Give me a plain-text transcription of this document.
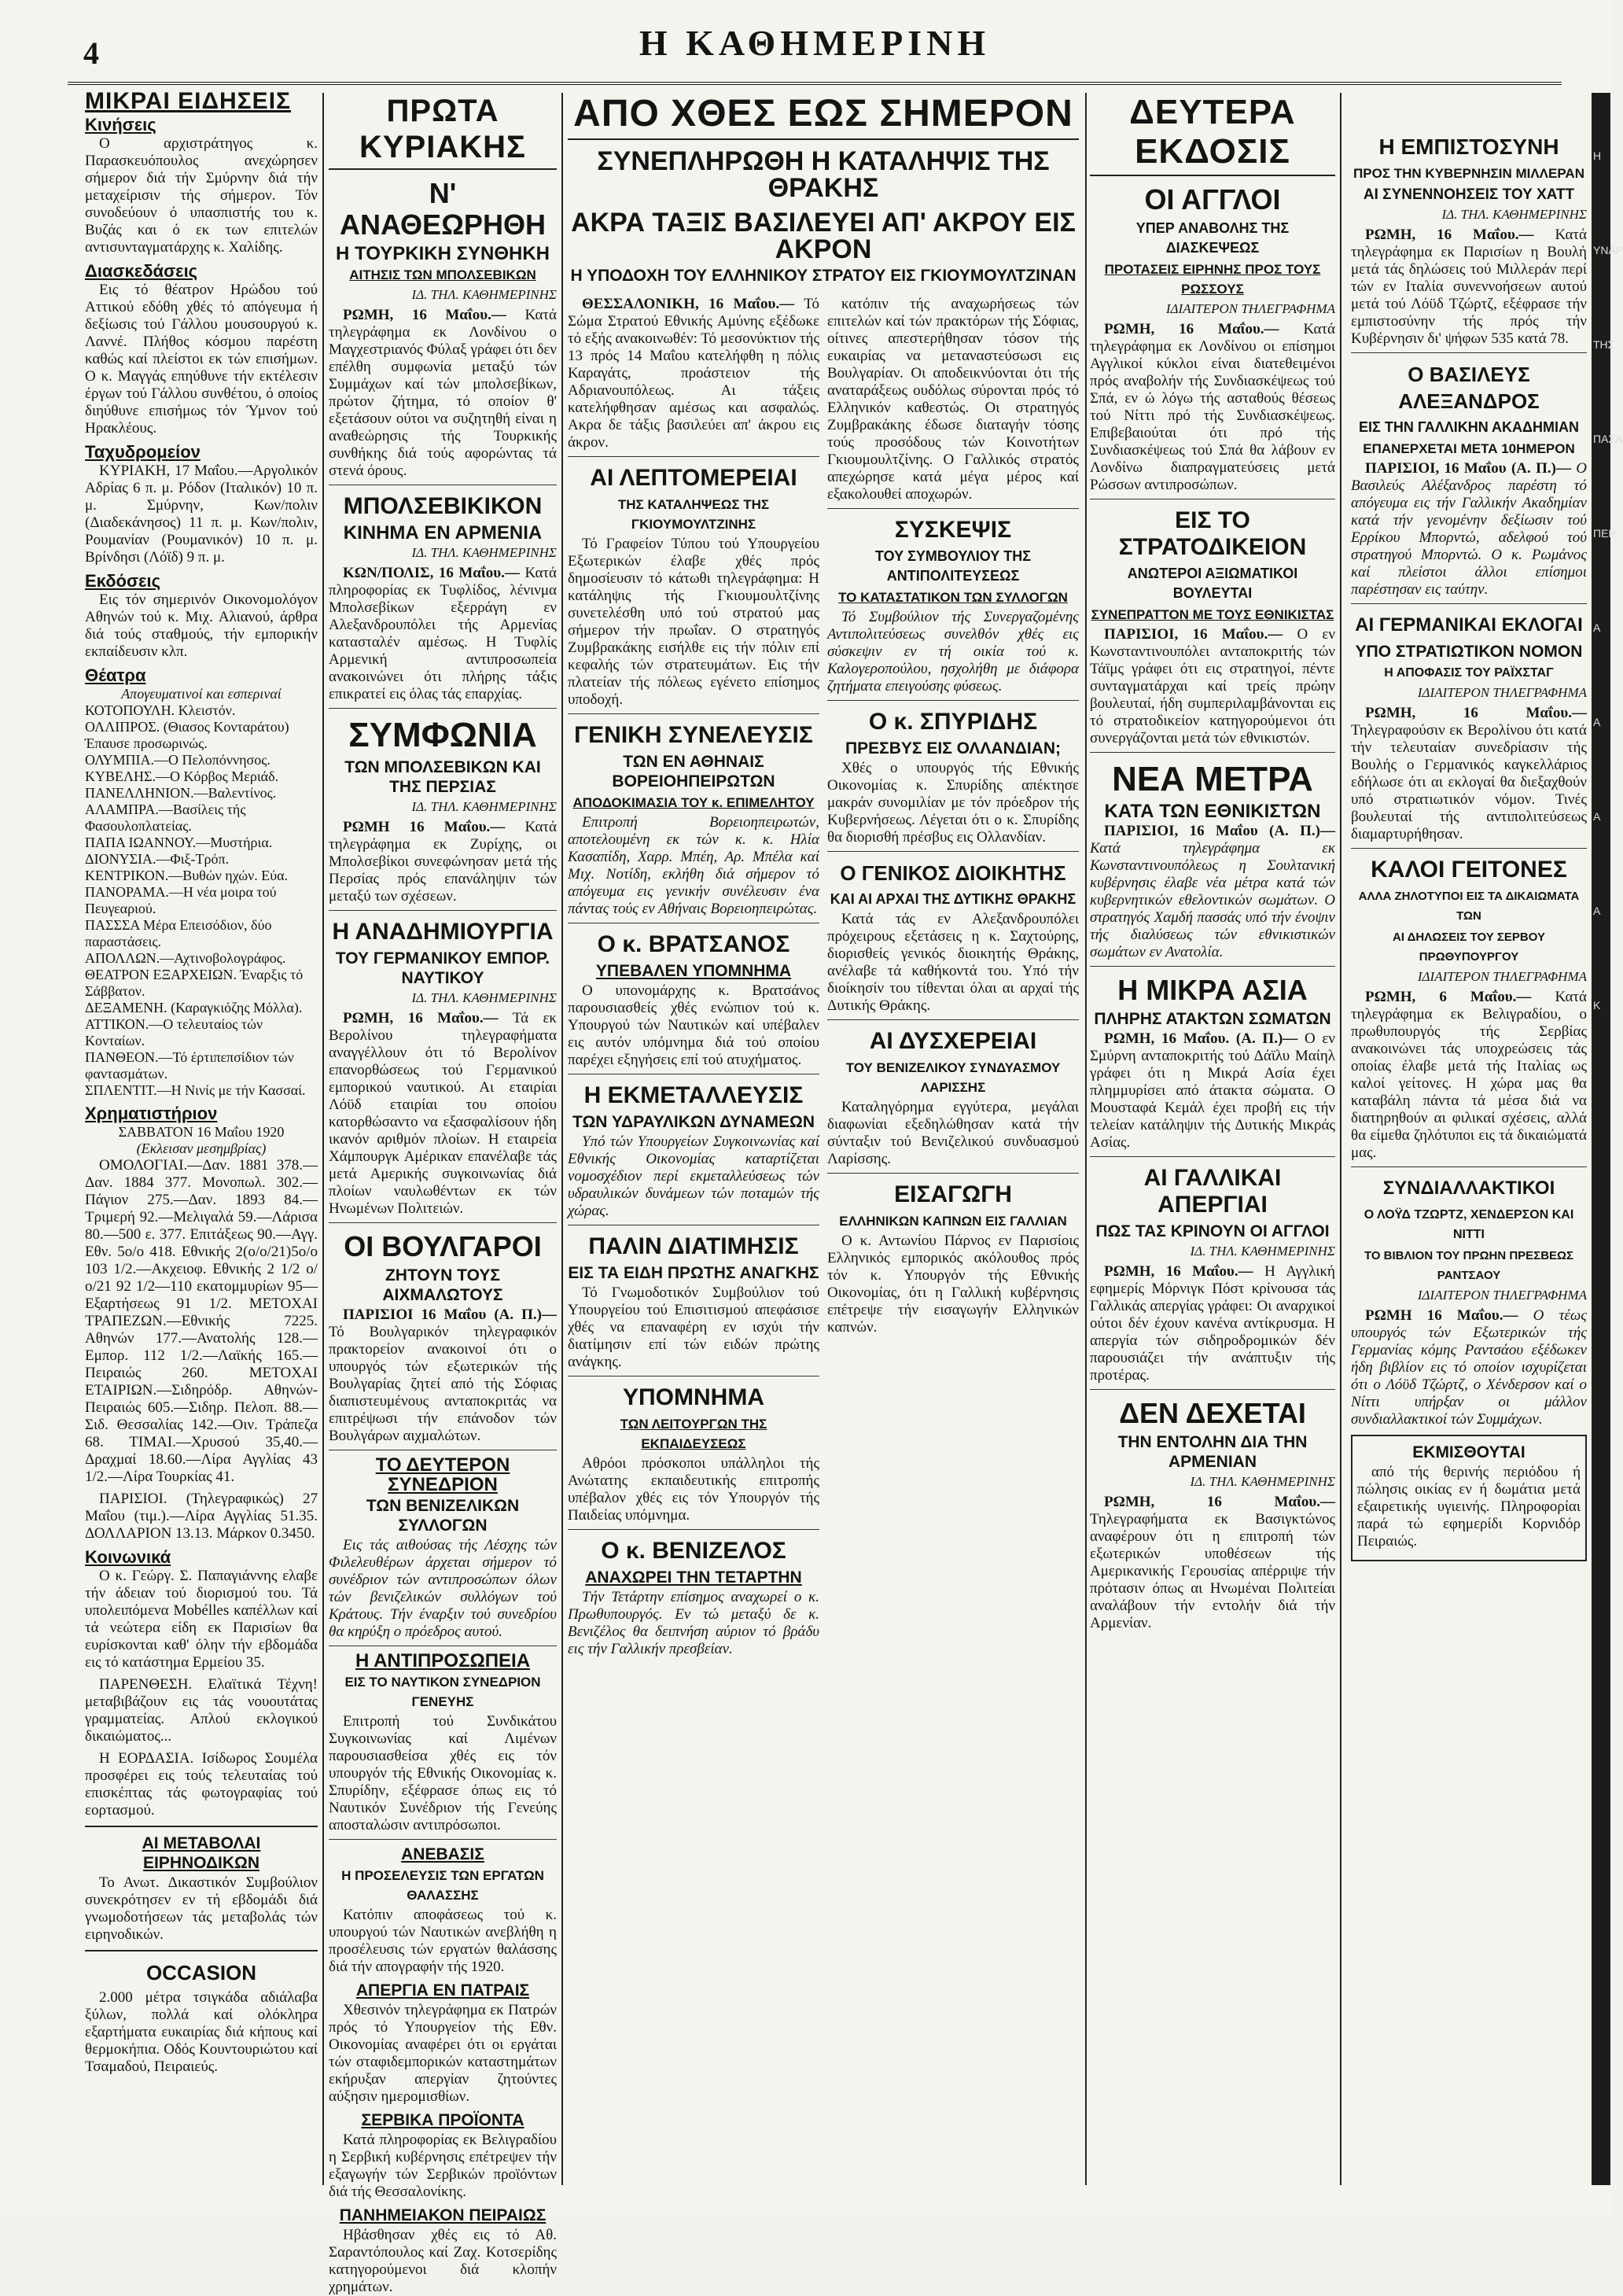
4	Η ΚΑΘΗΜΕΡΙΝΗ
ΜΙΚΡΑΙ ΕΙΔΗΣΕΙΣ
Κινήσεις

Ο αρχιστράτηγος κ. Παρασκευόπουλος ανεχώρησεν σήμερον διά τήν Σμύρνην διά τήν μεταχείρισιν τής σήμερον. Τόν συνοδεύουν ό υπασπιστής του κ. Βυζάς και ό εκ των επιτελών αντισυνταγματάρχης κ. Χαλίδης.

Διασκεδάσεις

Εις τό θέατρον Ηρώδου τού Αττικού εδόθη χθές τό απόγευμα ή δεξίωσις τού Γάλλου μουσουργού κ. Λαννέ. Πλήθος κόσμου παρέστη καθώς καί πλείστοι εκ τών επισήμων. Ο κ. Μαγγάς επηύθυνε τήν εκτέλεσιν έργων τού Γάλλου συνθέτου, ό οποίος διηύθυνε επισήμως τόν Ύμνον τού Ηρακλέους.

Ταχυδρομείον

ΚΥΡΙΑΚΗ, 17 Μαΐου.—Αργολικόν Αδρίας 6 π. μ. Ρόδον (Ιταλικόν) 10 π. μ. Σμύρνην, Κων/πολιν (Διαδεκάνησος) 11 π. μ. Κων/πολιν, Ρουμανίαν (Ρουμανικόν) 10 π. μ. Βρίνδησι (Λόϊδ) 9 π. μ.

Εκδόσεις

Εις τόν σημερινόν Οικονομολόγον Αθηνών τού κ. Μιχ. Αλιανού, άρθρα διά τούς σταθμούς, τήν εμπορικήν εκπαίδευσιν κλπ.

Θέατρα
Απογευματινοί και εσπεριναί
ΚΟΤΟΠΟΥΛΗ. Κλειστόν.
ΟΛΛΙΠΡΟΣ. (Θιασος Κονταράτου) Έπαυσε προσωρινώς.
ΟΛΥΜΠΙΑ.—Ο Πελοπόννησος.
ΚΥΒΕΛΗΣ.—Ο Κόρβος Μεριάδ.
ΠΑΝΕΛΛΗΝΙΟΝ.—Βαλεντίνος.
ΑΛΑΜΠΡΑ.—Βασίλεις τής Φασουλοπλατείας.
ΠΑΠΑ ΙΩΑΝΝΟΥ.—Μυστήρια.
ΔΙΟΝΥΣΙΑ.—Φιξ-Τρόπ.
ΚΕΝΤΡΙΚΟΝ.—Βυθών ηχών. Εύα.
ΠΑΝΟΡΑΜΑ.—Η νέα μοιρα τού Πευγεαριού.
ΠΑΣΣΣΑ Μέρα Επεισόδιον, δύο παραστάσεις.
ΑΠΟΛΛΩΝ.—Αχτινοβολογράφος.
ΘΕΑΤΡΟΝ ΕΞΑΡΧΕΙΩΝ. Έναρξις τό Σάββατον.
ΔΕΞΑΜΕΝΗ. (Καραγκιόζης Μόλλα).
ΑΤΤΙΚΟΝ.—Ο τελευταίος τών Κονταίων.
ΠΑΝΘΕΟΝ.—Τό έρτιπεπσίδιον τών φαντασμάτων.
ΣΠΛΕΝΤΙΤ.—Η Νινίς με τήν Κασσαί.
Χρηματιστήριον
ΣΑΒΒΑΤΟΝ 16 Μαΐου 1920
(Εκλεισαν μεσημβρίας)

ΟΜΟΛΟΓΙΑΙ.—Δαν. 1881 378.—Δαν. 1884 377. Μονοπωλ. 302.—Πάγιον 275.—Δαν. 1893 84.—Τριμερή 92.—Μελιγαλά 59.—Λάρισα 80.—500 ε. 377. Επιτάξεως 90.—Αγγ. Εθν. 5ο/ο 418. Εθνικής 2(ο/ο/21)5ο/ο 103 1/2.—Ακχειοφ. Εθνικής 2 1/2 ο/ο/21 92 1/2—110 εκατομμυρίων 95—Εξαρτήσεως 91 1/2. ΜΕΤΟΧΑΙ ΤΡΑΠΕΖΩΝ.—Εθνικής 7225. Αθηνών 177.—Ανατολής 128.—Εμπορ. 112 1/2.—Λαϊκής 165.—Πειραιώς 260. ΜΕΤΟΧΑΙ ΕΤΑΙΡΙΩΝ.—Σιδηρόδρ. Αθηνών-Πειραιώς 605.—Σιδηρ. Πελοπ. 88.—Σιδ. Θεσσαλίας 142.—Οιν. Τράπεζα 68. ΤΙΜΑΙ.—Χρυσού 35,40.—Δραχμαί 18.60.—Λίρα Αγγλίας 43 1/2.—Λίρα Τουρκίας 41.

ΠΑΡΙΣΙΟΙ. (Τηλεγραφικώς) 27 Μαΐου (τιμ.).—Λίρα Αγγλίας 51.35. ΔΟΛΛΑΡΙΟΝ 13.13. Μάρκον 0.3450.

Κοινωνικά

Ο κ. Γεώργ. Σ. Παπαγιάννης ελαβε τήν άδειαν τού διορισμού του. Τά υπολειπόμενα Mobélles καπέλλων καί τά νεώτερα είδη εκ Παρισίων θα ευρίσκονται καθ' όλην τήν εβδομάδα εις τό κατάστημα Ερμείου 35.

ΠΑΡΕΝΘΕΣΗ. Ελαϊτικά Τέχνη! μεταβιβάζουν εις τάς νουουτάτας γραμματείας. Απλού εκλογικού δικαιώματος...

Η ΕΟΡΔΑΣΙΑ. Ισίδωρος Σουμέλα προσφέρει εις τούς τελευταίας τού επισκέπτας τάς φωτογραφίας τού εορτασμού.

ΑΙ ΜΕΤΑΒΟΛΑΙ ΕΙΡΗΝΟΔΙΚΩΝ

Το Ανωτ. Δικαστικόν Συμβούλιον συνεκρότησεν εν τή εβδομάδι διά γνωμοδοτήσεων τάς μεταβολάς τών ειρηνοδικών.

OCCASION

2.000 μέτρα τσιγκάδα αδιάλαβα ξύλων, πολλά καί ολόκληρα εξαρτήματα ευκαιρίας διά κήπους καί θερμοκήπια. Οδός Κουντουριώτου καί Τσαμαδού, Πειραιεύς.

ΠΡΩΤΑ ΚΥΡΙΑΚΗΣ
Ν' ΑΝΑΘΕΩΡΗΘΗ
Η ΤΟΥΡΚΙΚΗ ΣΥΝΘΗΚΗ
ΑΙΤΗΣΙΣ ΤΩΝ ΜΠΟΛΣΕΒΙΚΩΝ
ΙΔ. ΤΗΛ. ΚΑΘΗΜΕΡΙΝΗΣ

ΡΩΜΗ, 16 Μαΐου.— Κατά τηλεγράφημα εκ Λονδίνου ο Μαγχεστριανός Φύλαξ γράφει ότι δεν επέλθη συμφωνία μεταξύ τών Συμμάχων καί τών μπολσεβίκων, πρώτον ζήτημα, τό οποίον θ' εξετάσουν ούτοι να συζητηθή είναι η αναθεώρησις τής Τουρκικής συνθήκης διά τούς αφορώντας τά στενά όρους.

ΜΠΟΛΣΕΒΙΚΙΚΟΝ
ΚΙΝΗΜΑ ΕΝ ΑΡΜΕΝΙΑ
ΙΔ. ΤΗΛ. ΚΑΘΗΜΕΡΙΝΗΣ

ΚΩΝ/ΠΟΛΙΣ, 16 Μαΐου.— Κατά πληροφορίας εκ Τυφλίδος, λένινμα Μπολσεβίκων εξερράγη εν Αλεξανδρουπόλει τής Αρμενίας κατασταλέν αμέσως. Η Τυφλίς Αρμενική αντιπροσωπεία ανακοινώνει ότι πλήρης τάξις επικρατεί εις όλας τάς επαρχίας.

ΣΥΜΦΩΝΙΑ
ΤΩΝ ΜΠΟΛΣΕΒΙΚΩΝ ΚΑΙ ΤΗΣ ΠΕΡΣΙΑΣ
ΙΔ. ΤΗΛ. ΚΑΘΗΜΕΡΙΝΗΣ

ΡΩΜΗ 16 Μαΐου.— Κατά τηλεγράφημα εκ Ζυρίχης, οι Μπολσεβίκοι συνεφώνησαν μετά τής Περσίας πρός επανάληψιν τών μεταξύ των σχέσεων.

Η ΑΝΑΔΗΜΙΟΥΡΓΙΑ
ΤΟΥ ΓΕΡΜΑΝΙΚΟΥ ΕΜΠΟΡ. ΝΑΥΤΙΚΟΥ
ΙΔ. ΤΗΛ. ΚΑΘΗΜΕΡΙΝΗΣ

ΡΩΜΗ, 16 Μαΐου.— Τά εκ Βερολίνου τηλεγραφήματα αναγγέλλουν ότι τό Βερολίνον επανορθώσεως τού Γερμανικού εμπορικού ναυτικού. Αι εταιρίαι Λόϋδ εταιρίαι του οποίου κατορθώσαντο να εξασφαλίσουν ήδη ικανόν αριθμόν πλοίων. Η εταιρεία Χάμπουργκ Αμέρικαν επανέλαβε τάς μετά Αμερικής συγκοινωνίας διά πλοίων ναυλωθέντων εκ τών Ηνωμένων Πολιτειών.

ΟΙ ΒΟΥΛΓΑΡΟΙ
ΖΗΤΟΥΝ ΤΟΥΣ ΑΙΧΜΑΛΩΤΟΥΣ

ΠΑΡΙΣΙΟΙ 16 Μαΐου (Α. Π.)— Τό Βουλγαρικόν τηλεγραφικόν πρακτορείον ανακοινοί ότι ο υπουργός τών εξωτερικών τής Βουλγαρίας ζητεί από τής Σόφιας διαπιστευμένους ανταποκριτάς να επιτρέψωσι τήν επάνοδον τών Βουλγάρων αιχμαλώτων.

ΤΟ ΔΕΥΤΕΡΟΝ ΣΥΝΕΔΡΙΟΝ
ΤΩΝ ΒΕΝΙΖΕΛΙΚΩΝ ΣΥΛΛΟΓΩΝ

Εις τάς αιθούσας τής Λέσχης τών Φιλελευθέρων άρχεται σήμερον τό συνέδριον τών αντιπροσώπων όλων τών βενιζελικών συλλόγων τού Κράτους. Τήν έναρξιν τού συνεδρίου θα κηρύξη ο πρόεδρος αυτού.

Η ΑΝΤΙΠΡΟΣΩΠΕΙΑ
ΕΙΣ ΤΟ ΝΑΥΤΙΚΟΝ ΣΥΝΕΔΡΙΟΝ ΓΕΝΕΥΗΣ

Επιτροπή τού Συνδικάτου Συγκοινωνίας καί Λιμένων παρουσιασθείσα χθές εις τόν υπουργόν τής Εθνικής Οικονομίας κ. Σπυρίδην, εξέφρασε όπως εις τό Ναυτικόν Συνέδριον τής Γενεύης αποσταλώσιν αντιπρόσωποι.

ΑΝΕΒΑΣΙΣ
Η ΠΡΟΣΕΛΕΥΣΙΣ ΤΩΝ ΕΡΓΑΤΩΝ ΘΑΛΑΣΣΗΣ

Κατόπιν αποφάσεως τού κ. υπουργού τών Ναυτικών ανεβλήθη η προσέλευσις τών εργατών θαλάσσης διά τήν απογραφήν τής 1920.

ΑΠΕΡΓΙΑ ΕΝ ΠΑΤΡΑΙΣ

Χθεσινόν τηλεγράφημα εκ Πατρών πρός τό Υπουργείον τής Εθν. Οικονομίας αναφέρει ότι οι εργάται τών σταφιδεμπορικών καταστημάτων εκήρυξαν απεργίαν ζητούντες αύξησιν ημερομισθίων.

ΣΕΡΒΙΚΑ ΠΡΟΪΟΝΤΑ

Κατά πληροφορίας εκ Βελιγραδίου η Σερβική κυβέρνησις επέτρεψεν τήν εξαγωγήν τών Σερβικών προϊόντων διά τής Θεσσαλονίκης.

ΠΑΝΗΜΕΙΑΚΟΝ ΠΕΙΡΑΙΩΣ

Ηβάσθησαν χθές εις τό Αθ. Σαραντόπουλος καί Ζαχ. Κοτσερίδης κατηγορούμενοι διά κλοπήν χρημάτων.

ΑΠΟ ΧΘΕΣ ΕΩΣ ΣΗΜΕΡΟΝ
ΣΥΝΕΠΛΗΡΩΘΗ Η ΚΑΤΑΛΗΨΙΣ ΤΗΣ ΘΡΑΚΗΣ
ΑΚΡΑ ΤΑΞΙΣ ΒΑΣΙΛΕΥΕΙ ΑΠ' ΑΚΡΟΥ ΕΙΣ ΑΚΡΟΝ
Η ΥΠΟΔΟΧΗ ΤΟΥ ΕΛΛΗΝΙΚΟΥ ΣΤΡΑΤΟΥ ΕΙΣ ΓΚΙΟΥΜΟΥΛΤΖΙΝΑΝ

ΘΕΣΣΑΛΟΝΙΚΗ, 16 Μαΐου.— Τό Σώμα Στρατού Εθνικής Αμύνης εξέδωκε τό εξής ανακοινωθέν: Τό μεσονύκτιον τής 13 πρός 14 Μαΐου κατελήφθη η πόλις Καραγάτς, προάστειον τής Αδριανουπόλεως. Αι τάξεις κατελήφθησαν αμέσως και ασφαλώς. Ακρα δε τάξις βασιλεύει απ' άκρου εις άκρον.

ΑΙ ΛΕΠΤΟΜΕΡΕΙΑΙ
ΤΗΣ ΚΑΤΑΛΗΨΕΩΣ ΤΗΣ ΓΚΙΟΥΜΟΥΛΤΖΙΝΗΣ

Τό Γραφείον Τύπου τού Υπουργείου Εξωτερικών έλαβε χθές πρός δημοσίευσιν τό κάτωθι τηλεγράφημα: Η κατάληψις τής Γκιουμουλτζίνης συνετελέσθη υπό τού στρατού μας σήμερον τήν πρωΐαν. Ο στρατηγός Ζυμβρακάκης εισήλθε εις τήν πόλιν επί κεφαλής τών στρατευμάτων. Εις τήν πλατείαν τής πόλεως εγένετο επίσημος υποδοχή.

ΓΕΝΙΚΗ ΣΥΝΕΛΕΥΣΙΣ
ΤΩΝ ΕΝ ΑΘΗΝΑΙΣ ΒΟΡΕΙΟΗΠΕΙΡΩΤΩΝ
ΑΠΟΔΟΚΙΜΑΣΙΑ ΤΟΥ κ. ΕΠΙΜΕΛΗΤΟΥ

Επιτροπή Βορειοηπειρωτών, αποτελουμένη εκ τών κ. κ. Ηλία Κασαπίδη, Χαρρ. Μπέη, Αρ. Μπέλα καί Μιχ. Νοτίδη, εκλήθη διά σήμερον τό απόγευμα εις γενικήν συνέλευσιν ένα πάντας τούς εν Αθήναις Βορειοηπειρώτας.

Ο κ. ΒΡΑΤΣΑΝΟΣ
ΥΠΕΒΑΛΕΝ ΥΠΟΜΝΗΜΑ

Ο υπονομάρχης κ. Βρατσάνος παρουσιασθείς χθές ενώπιον τού κ. Υπουργού τών Ναυτικών καί υπέβαλεν εις αυτόν υπόμνημα διά τού οποίου παρέχει εξηγήσεις επί τού ατυχήματος.

Η ΕΚΜΕΤΑΛΛΕΥΣΙΣ
ΤΩΝ ΥΔΡΑΥΛΙΚΩΝ ΔΥΝΑΜΕΩΝ

Υπό τών Υπουργείων Συγκοινωνίας καί Εθνικής Οικονομίας καταρτίζεται νομοσχέδιον περί εκμεταλλεύσεως τών υδραυλικών δυνάμεων τών ποταμών τής χώρας.

ΠΑΛΙΝ ΔΙΑΤΙΜΗΣΙΣ
ΕΙΣ ΤΑ ΕΙΔΗ ΠΡΩΤΗΣ ΑΝΑΓΚΗΣ

Τό Γνωμοδοτικόν Συμβούλιον τού Υπουργείου τού Επισιτισμού απεφάσισε χθές να επαναφέρη εν ισχύι τήν διατίμησιν επί τών ειδών πρώτης ανάγκης.

ΥΠΟΜΝΗΜΑ
ΤΩΝ ΛΕΙΤΟΥΡΓΩΝ ΤΗΣ ΕΚΠΑΙΔΕΥΣΕΩΣ

Αθρόοι πρόσκοποι υπάλληλοι τής Ανώτατης εκπαιδευτικής επιτροπής υπέβαλον χθές εις τόν Υπουργόν τής Παιδείας υπόμνημα.

Ο κ. ΒΕΝΙΖΕΛΟΣ
ΑΝΑΧΩΡΕΙ ΤΗΝ ΤΕΤΑΡΤΗΝ

Τήν Τετάρτην επίσημος αναχωρεί ο κ. Πρωθυπουργός. Εν τώ μεταξύ δε κ. Βενιζέλος θα δειπνήση αύριον τό βράδυ εις τήν Γαλλικήν πρεσβείαν.

κατόπιν τής αναχωρήσεως τών επιτελών καί τών πρακτόρων τής Σόφιας, οίτινες απεστερήθησαν τόσον τής ευκαιρίας να μεταναστεύσωσι εις Βουλγαρίαν. Οι αποδεικνύονται ότι τής αναταράξεως ουδόλως σύρονται πρός τό Ελληνικόν καθεστώς. Οι στρατηγός Ζυμβρακάκης έδωσε διαταγήν τόσης τούς προσόδους τών Κοινοτήτων Γκιουμουλτζίνης. Ο Γαλλικός στρατός απεχώρησε κατά μέγα μέρος καί εξακολουθεί αποχωρών.

ΣΥΣΚΕΨΙΣ
ΤΟΥ ΣΥΜΒΟΥΛΙΟΥ ΤΗΣ ΑΝΤΙΠΟΛΙΤΕΥΣΕΩΣ
ΤΟ ΚΑΤΑΣΤΑΤΙΚΟΝ ΤΩΝ ΣΥΛΛΟΓΩΝ

Τό Συμβούλιον τής Συνεργαζομένης Αντιπολιτεύσεως συνελθόν χθές εις σύσκεψιν εν τή οικία τού κ. Καλογεροπούλου, ησχολήθη με διάφορα ζητήματα επειγούσης φύσεως.

Ο κ. ΣΠΥΡΙΔΗΣ
ΠΡΕΣΒΥΣ ΕΙΣ ΟΛΛΑΝΔΙΑΝ;

Χθές ο υπουργός τής Εθνικής Οικονομίας κ. Σπυρίδης απέκτησε μακράν συνομιλίαν με τόν πρόεδρον τής Κυβερνήσεως. Λέγεται ότι ο κ. Σπυρίδης θα διορισθή πρέσβυς εις Ολλανδίαν.

Ο ΓΕΝΙΚΟΣ ΔΙΟΙΚΗΤΗΣ
ΚΑΙ ΑΙ ΑΡΧΑΙ ΤΗΣ ΔΥΤΙΚΗΣ ΘΡΑΚΗΣ

Κατά τάς εν Αλεξανδρουπόλει πρόχειρους εξετάσεις η κ. Σαχτούρης, διορισθείς γενικός διοικητής Θράκης, ανέλαβε τά καθήκοντά του. Υπό τήν διοίκησίν του τίθενται όλαι αι αρχαί τής Δυτικής Θράκης.

ΑΙ ΔΥΣΧΕΡΕΙΑΙ
ΤΟΥ ΒΕΝΙΖΕΛΙΚΟΥ ΣΥΝΔΥΑΣΜΟΥ ΛΑΡΙΣΣΗΣ

Καταληγόρημα εγγύτερα, μεγάλαι διαφωνίαι εξεδηλώθησαν κατά τήν σύνταξιν τού Βενιζελικού συνδυασμού Λαρίσσης.

ΕΙΣΑΓΩΓΗ
ΕΛΛΗΝΙΚΩΝ ΚΑΠΝΩΝ ΕΙΣ ΓΑΛΛΙΑΝ

Ο κ. Αντωνίου Πάρνος εν Παρισίοις Ελληνικός εμπορικός ακόλουθος πρός τόν κ. Υπουργόν τής Εθνικής Οικονομίας, ότι η Γαλλική κυβέρνησις επέτρεψε τήν εισαγωγήν Ελληνικών καπνών.

ΔΕΥΤΕΡΑ ΕΚΔΟΣΙΣ
ΟΙ ΑΓΓΛΟΙ
ΥΠΕΡ ΑΝΑΒΟΛΗΣ ΤΗΣ ΔΙΑΣΚΕΨΕΩΣ
ΠΡΟΤΑΣΕΙΣ ΕΙΡΗΝΗΣ ΠΡΟΣ ΤΟΥΣ ΡΩΣΣΟΥΣ
ΙΔΙΑΙΤΕΡΟΝ ΤΗΛΕΓΡΑΦΗΜΑ

ΡΩΜΗ, 16 Μαΐου.— Κατά τηλεγράφημα εκ Λονδίνου οι επίσημοι Αγγλικοί κύκλοι είναι διατεθειμένοι πρός αναβολήν τής Συνδιασκέψεως τού Σπά, εν ώ λόγω τής ασταθούς θέσεως τού Νίττι πρό τής Συνδιασκέψεως. Επιβεβαιούται ότι πρό τής Συνδιασκέψεως τού Σπά θα λάβουν εν Λονδίνω διαπραγματεύσεις μετά Ρώσσων αντιπροσώπων.

ΕΙΣ ΤΟ ΣΤΡΑΤΟΔΙΚΕΙΟΝ
ΑΝΩΤΕΡΟΙ ΑΞΙΩΜΑΤΙΚΟΙ ΒΟΥΛΕΥΤΑΙ
ΣΥΝΕΠΡΑΤΤΟΝ ΜΕ ΤΟΥΣ ΕΘΝΙΚΙΣΤΑΣ

ΠΑΡΙΣΙΟΙ, 16 Μαΐου.— Ο εν Κωνσταντινουπόλει ανταποκριτής τών Τάϊμς γράφει ότι εις στρατηγοί, πέντε συνταγματάρχαι καί τρείς πρώην βουλευταί, ήδη συμπεριλαμβάνονται εις τό στρατοδικείον κατηγορούμενοι ότι συνεργάζονται μετά τών εθνικιστών.

ΝΕΑ ΜΕΤΡΑ
ΚΑΤΑ ΤΩΝ ΕΘΝΙΚΙΣΤΩΝ

ΠΑΡΙΣΙΟΙ, 16 Μαΐου (Α. Π.)— Κατά τηλεγράφημα εκ Κωνσταντινουπόλεως η Σουλτανική κυβέρνησις έλαβε νέα μέτρα κατά τών κυβερνητικών εθελοντικών σωμάτων. Ο στρατηγός Χαμδή πασσάς υπό τήν ένοψιν τής διαλύσεως τών εθνικιστικών σωμάτων εν Ανατολία.

Η ΜΙΚΡΑ ΑΣΙΑ
ΠΛΗΡΗΣ ΑΤΑΚΤΩΝ ΣΩΜΑΤΩΝ

ΡΩΜΗ, 16 Μαΐου. (Α. Π.)— Ο εν Σμύρνη ανταποκριτής τού Δάϊλυ Μαίηλ γράφει ότι η Μικρά Ασία έχει πλημμυρίσει από άτακτα σώματα. Ο Μουσταφά Κεμάλ έχει προβή εις τήν τελείαν κατάληψιν τής Δυτικής Μικράς Ασίας.

ΑΙ ΓΑΛΛΙΚΑΙ ΑΠΕΡΓΙΑΙ
ΠΩΣ ΤΑΣ ΚΡΙΝΟΥΝ ΟΙ ΑΓΓΛΟΙ
ΙΔ. ΤΗΛ. ΚΑΘΗΜΕΡΙΝΗΣ

ΡΩΜΗ, 16 Μαΐου.— Η Αγγλική εφημερίς Μόρνιγκ Πόστ κρίνουσα τάς Γαλλικάς απεργίας γράφει: Οι αναρχικοί ούτοι δέν έχουν κανένα αντίκρυσμα. Η απεργία τών σιδηροδρομικών δέν παρουσιάζει τήν ανάπτυξιν τής προτέρας.

ΔΕΝ ΔΕΧΕΤΑΙ
ΤΗΝ ΕΝΤΟΛΗΝ ΔΙΑ ΤΗΝ ΑΡΜΕΝΙΑΝ
ΙΔ. ΤΗΛ. ΚΑΘΗΜΕΡΙΝΗΣ

ΡΩΜΗ, 16 Μαΐου.— Τηλεγραφήματα εκ Βασιγκτώνος αναφέρουν ότι η επιτροπή τών εξωτερικών υποθέσεων τής Αμερικανικής Γερουσίας απέρριψε τήν πρότασιν όπως αι Ηνωμέναι Πολιτείαι αναλάβουν τήν εντολήν διά τήν Αρμενίαν.

Η ΕΜΠΙΣΤΟΣΥΝΗ
ΠΡΟΣ ΤΗΝ ΚΥΒΕΡΝΗΣΙΝ ΜΙΛΛΕΡΑΝ
ΑΙ ΣΥΝΕΝΝΟΗΣΕΙΣ ΤΟΥ ΧΑΤΤ
ΙΔ. ΤΗΛ. ΚΑΘΗΜΕΡΙΝΗΣ

ΡΩΜΗ, 16 Μαΐου.— Κατά τηλεγράφημα εκ Παρισίων η Βουλή μετά τάς δηλώσεις τού Μιλλεράν περί τών εν Ιταλία συνεννοήσεων αυτού μετά τού Λόϋδ Τζώρτζ, εξέφρασε τήν εμπιστοσύνην τής πρός τήν Κυβέρνησιν δι' ψήφων 535 κατά 78.

Ο ΒΑΣΙΛΕΥΣ ΑΛΕΞΑΝΔΡΟΣ
ΕΙΣ ΤΗΝ ΓΑΛΛΙΚΗΝ ΑΚΑΔΗΜΙΑΝ
ΕΠΑΝΕΡΧΕΤΑΙ ΜΕΤΑ 10ΗΜΕΡΟΝ

ΠΑΡΙΣΙΟΙ, 16 Μαΐου (Α. Π.)— Ο Βασιλεύς Αλέξανδρος παρέστη τό απόγευμα εις τήν Γαλλικήν Ακαδημίαν κατά τήν γενομένην δεξίωσιν τού Ερρίκου Μπορντώ, αδελφού τού στρατηγού Μπορντώ. Ο κ. Ρωμάνος καί πλείστοι άλλοι επίσημοι παρέστησαν εις ταύτην.

ΑΙ ΓΕΡΜΑΝΙΚΑΙ ΕΚΛΟΓΑΙ
ΥΠΟ ΣΤΡΑΤΙΩΤΙΚΟΝ ΝΟΜΟΝ
Η ΑΠΟΦΑΣΙΣ ΤΟΥ ΡΑΪΧΣΤΑΓ
ΙΔΙΑΙΤΕΡΟΝ ΤΗΛΕΓΡΑΦΗΜΑ

ΡΩΜΗ, 16 Μαΐου.— Τηλεγραφούσιν εκ Βερολίνου ότι κατά τήν τελευταίαν συνεδρίασιν τής Βουλής ο Γερμανικός καγκελλάριος εδήλωσε ότι αι εκλογαί θα διεξαχθούν υπό στρατιωτικόν νόμον. Τινές βουλευταί τής αντιπολιτεύσεως διαμαρτυρήθησαν.

ΚΑΛΟΙ ΓΕΙΤΟΝΕΣ
ΑΛΛΑ ΖΗΛΟΤΥΠΟΙ ΕΙΣ ΤΑ ΔΙΚΑΙΩΜΑΤΑ ΤΩΝ
ΑΙ ΔΗΛΩΣΕΙΣ ΤΟΥ ΣΕΡΒΟΥ ΠΡΩΘΥΠΟΥΡΓΟΥ
ΙΔΙΑΙΤΕΡΟΝ ΤΗΛΕΓΡΑΦΗΜΑ

ΡΩΜΗ, 6 Μαΐου.— Κατά τηλεγράφημα εκ Βελιγραδίου, ο πρωθυπουργός τής Σερβίας ανακοινώνει τάς υποχρεώσεις τάς οποίας έλαβε μετά τής Ιταλίας ως καλοί γείτονες. Η χώρα μας θα καταβάλη πάντα τά μέσα διά να διατηρηθούν αι φιλικαί σχέσεις, αλλά θα είμεθα ζηλότυποι εις τά δικαιώματά μας.

ΣΥΝΔΙΑΛΛΑΚΤΙΚΟΙ
Ο ΛΟΫΔ ΤΖΩΡΤΖ, ΧΕΝΔΕΡΣΟΝ ΚΑΙ ΝΙΤΤΙ
ΤΟ ΒΙΒΛΙΟΝ ΤΟΥ ΠΡΩΗΝ ΠΡΕΣΒΕΩΣ ΡΑΝΤΣΑΟΥ
ΙΔΙΑΙΤΕΡΟΝ ΤΗΛΕΓΡΑΦΗΜΑ

ΡΩΜΗ 16 Μαΐου.— Ο τέως υπουργός τών Εξωτερικών τής Γερμανίας κόμης Ραντσάου εξέδωκεν ήδη βιβλίον εις τό οποίον ισχυρίζεται ότι ο Λόϋδ Τζώρτζ, ο Χένδερσον καί ο Νίττι υπήρξαν οι μάλλον συνδιαλλακτικοί τών Συμμάχων.

ΕΚΜΙΣΘΟΥΤΑΙ

από τής θερινής περιόδου ή πώλησις οικίας εν ή δωμάτια μετά εξαιρετικής υγιεινής. Πληροφορίαι παρά τώ εφημερίδι Κορνιδόρ Πειραιώς.

Η
ΥΝΑΡ
ΤΗΣ
ΠΑΣΑ
ΠΕΡ
Α
Α
Α
Α
Κ
